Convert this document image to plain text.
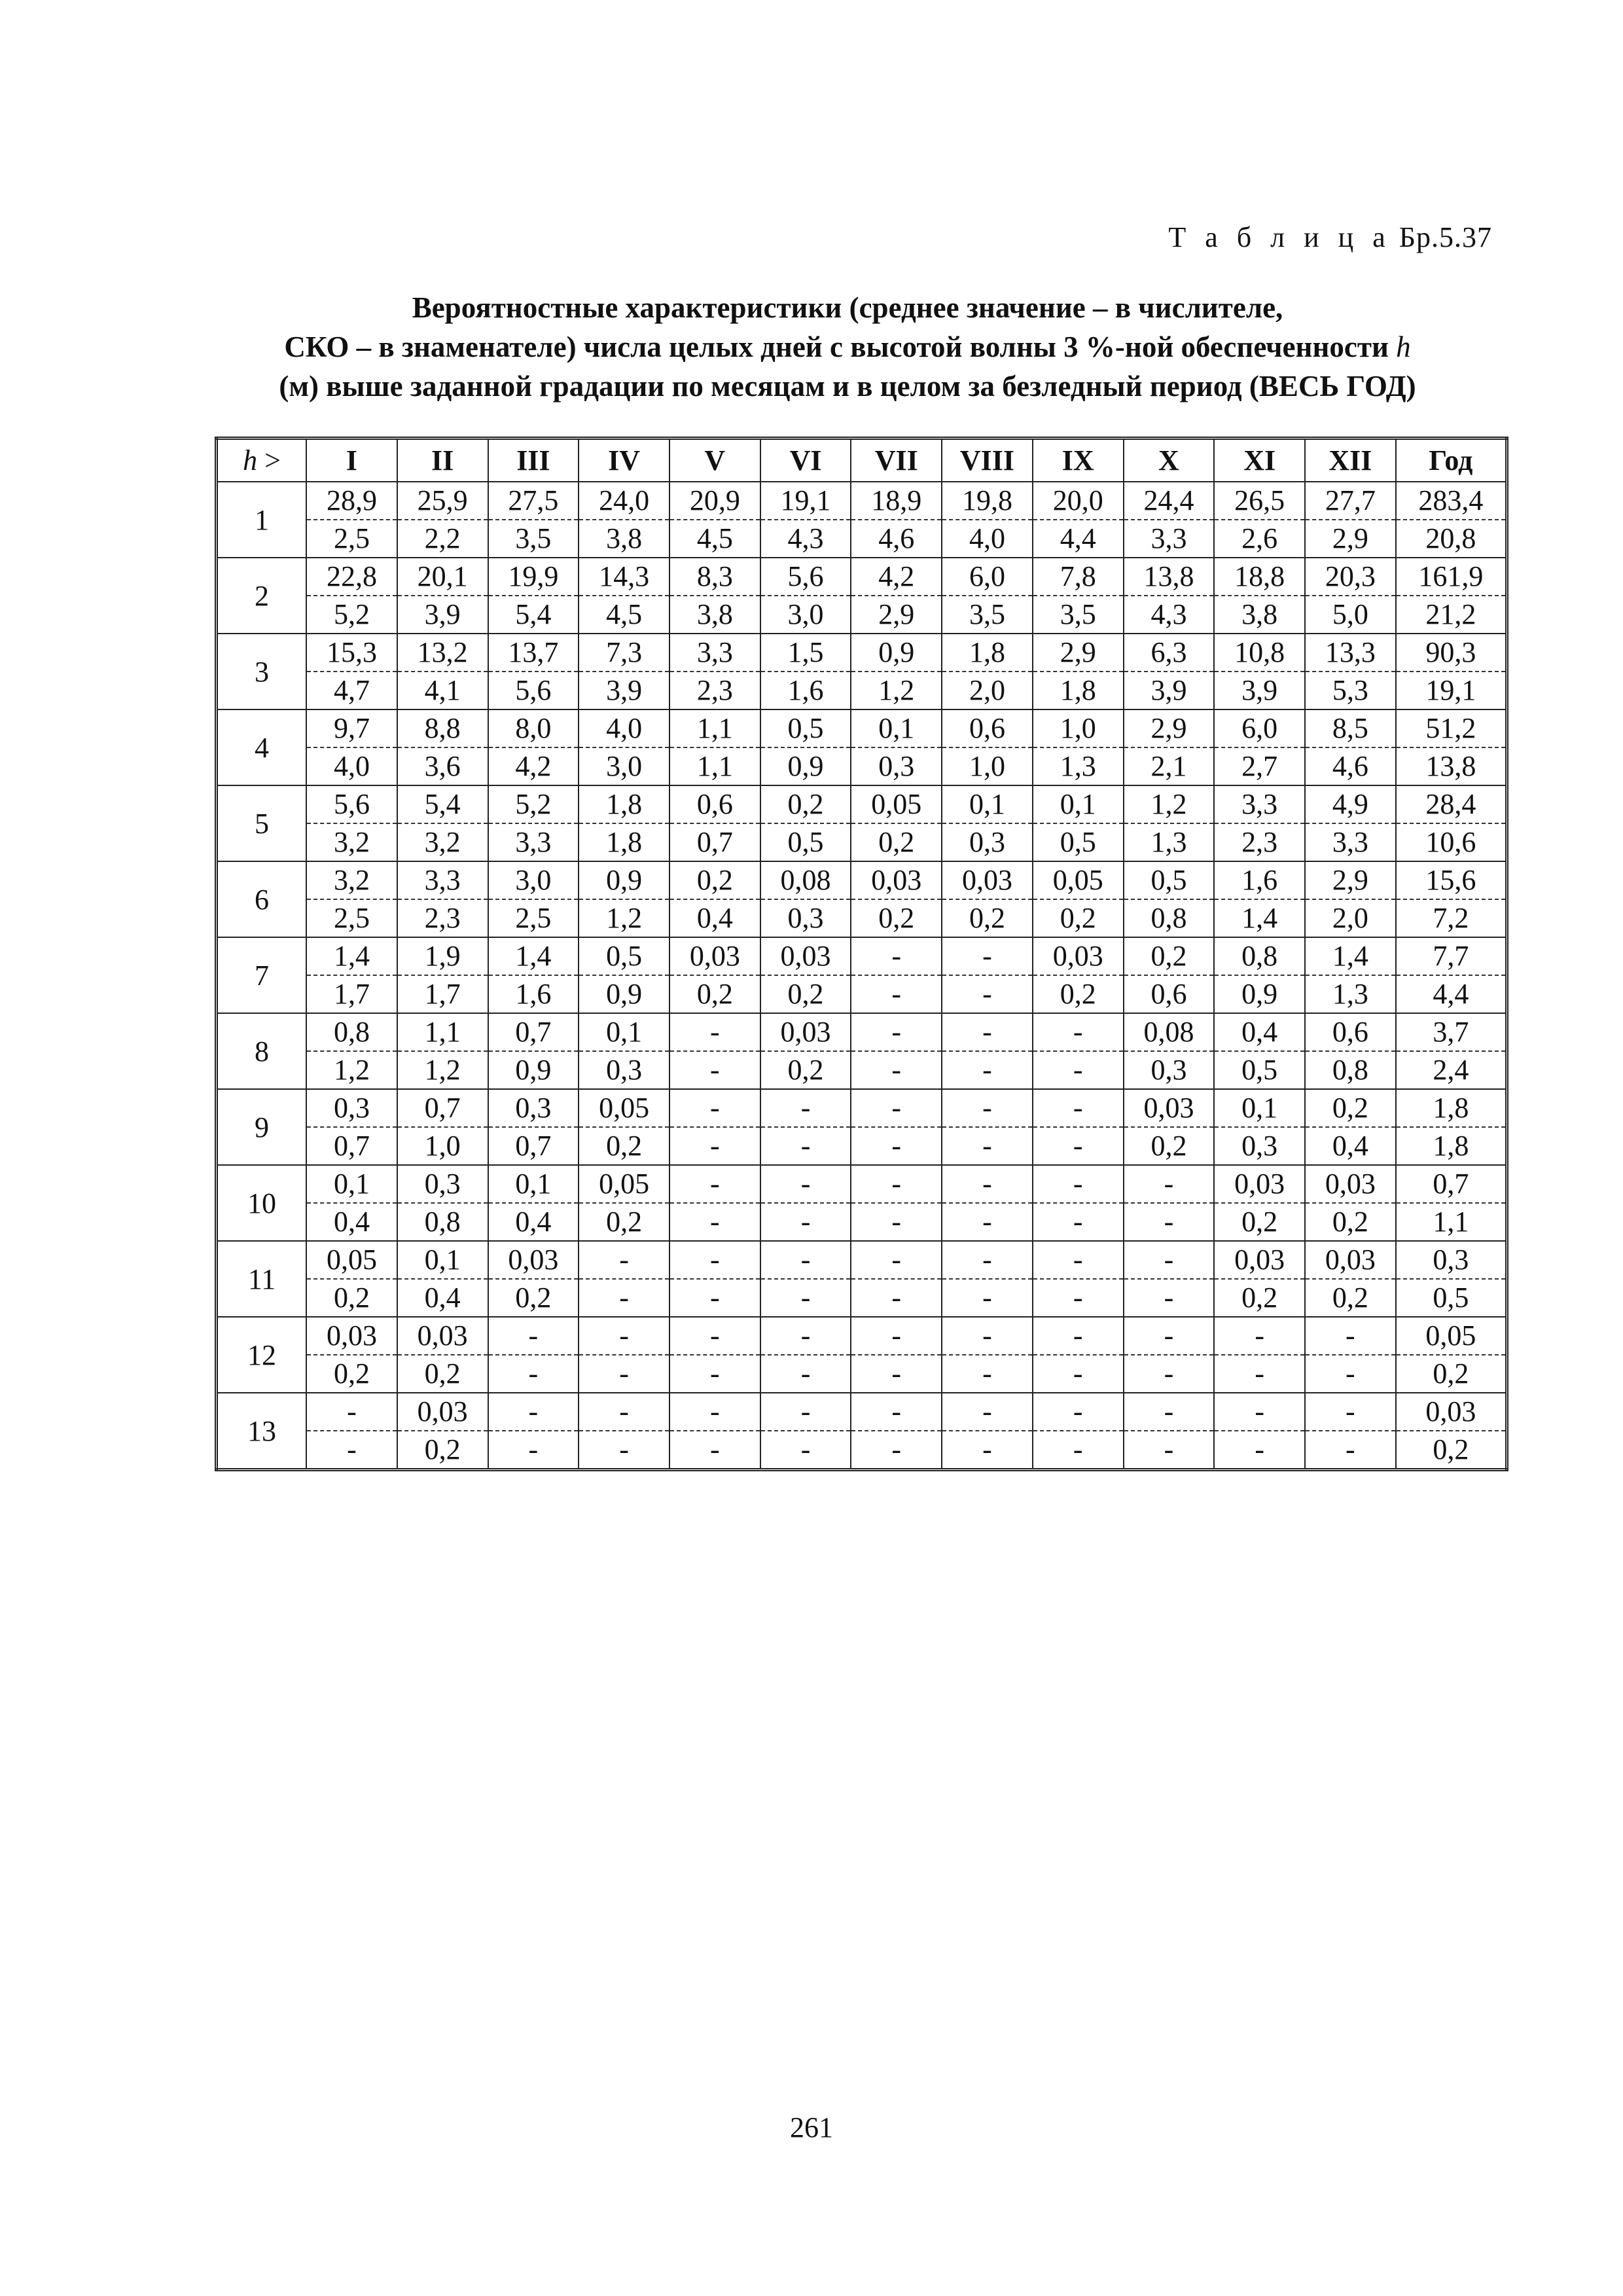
Т а б л и ц а Бр.5.37
Вероятностные характеристики (среднее значение – в числителе,
СКО – в знаменателе) числа целых дней с высотой волны 3 %-ной обеспеченности h
(м) выше заданной градации по месяцам и в целом за безледный период (ВЕСЬ ГОД)
h >	I	II	III	IV	V	VI	VII	VIII	IX	X	XI	XII	Год
1	28,9	25,9	27,5	24,0	20,9	19,1	18,9	19,8	20,0	24,4	26,5	27,7	283,4
	2,5	2,2	3,5	3,8	4,5	4,3	4,6	4,0	4,4	3,3	2,6	2,9	20,8
2	22,8	20,1	19,9	14,3	8,3	5,6	4,2	6,0	7,8	13,8	18,8	20,3	161,9
	5,2	3,9	5,4	4,5	3,8	3,0	2,9	3,5	3,5	4,3	3,8	5,0	21,2
3	15,3	13,2	13,7	7,3	3,3	1,5	0,9	1,8	2,9	6,3	10,8	13,3	90,3
	4,7	4,1	5,6	3,9	2,3	1,6	1,2	2,0	1,8	3,9	3,9	5,3	19,1
4	9,7	8,8	8,0	4,0	1,1	0,5	0,1	0,6	1,0	2,9	6,0	8,5	51,2
	4,0	3,6	4,2	3,0	1,1	0,9	0,3	1,0	1,3	2,1	2,7	4,6	13,8
5	5,6	5,4	5,2	1,8	0,6	0,2	0,05	0,1	0,1	1,2	3,3	4,9	28,4
	3,2	3,2	3,3	1,8	0,7	0,5	0,2	0,3	0,5	1,3	2,3	3,3	10,6
6	3,2	3,3	3,0	0,9	0,2	0,08	0,03	0,03	0,05	0,5	1,6	2,9	15,6
	2,5	2,3	2,5	1,2	0,4	0,3	0,2	0,2	0,2	0,8	1,4	2,0	7,2
7	1,4	1,9	1,4	0,5	0,03	0,03	-	-	0,03	0,2	0,8	1,4	7,7
	1,7	1,7	1,6	0,9	0,2	0,2	-	-	0,2	0,6	0,9	1,3	4,4
8	0,8	1,1	0,7	0,1	-	0,03	-	-	-	0,08	0,4	0,6	3,7
	1,2	1,2	0,9	0,3	-	0,2	-	-	-	0,3	0,5	0,8	2,4
9	0,3	0,7	0,3	0,05	-	-	-	-	-	0,03	0,1	0,2	1,8
	0,7	1,0	0,7	0,2	-	-	-	-	-	0,2	0,3	0,4	1,8
10	0,1	0,3	0,1	0,05	-	-	-	-	-	-	0,03	0,03	0,7
	0,4	0,8	0,4	0,2	-	-	-	-	-	-	0,2	0,2	1,1
11	0,05	0,1	0,03	-	-	-	-	-	-	-	0,03	0,03	0,3
	0,2	0,4	0,2	-	-	-	-	-	-	-	0,2	0,2	0,5
12	0,03	0,03	-	-	-	-	-	-	-	-	-	-	0,05
	0,2	0,2	-	-	-	-	-	-	-	-	-	-	0,2
13	-	0,03	-	-	-	-	-	-	-	-	-	-	0,03
	-	0,2	-	-	-	-	-	-	-	-	-	-	0,2
261
